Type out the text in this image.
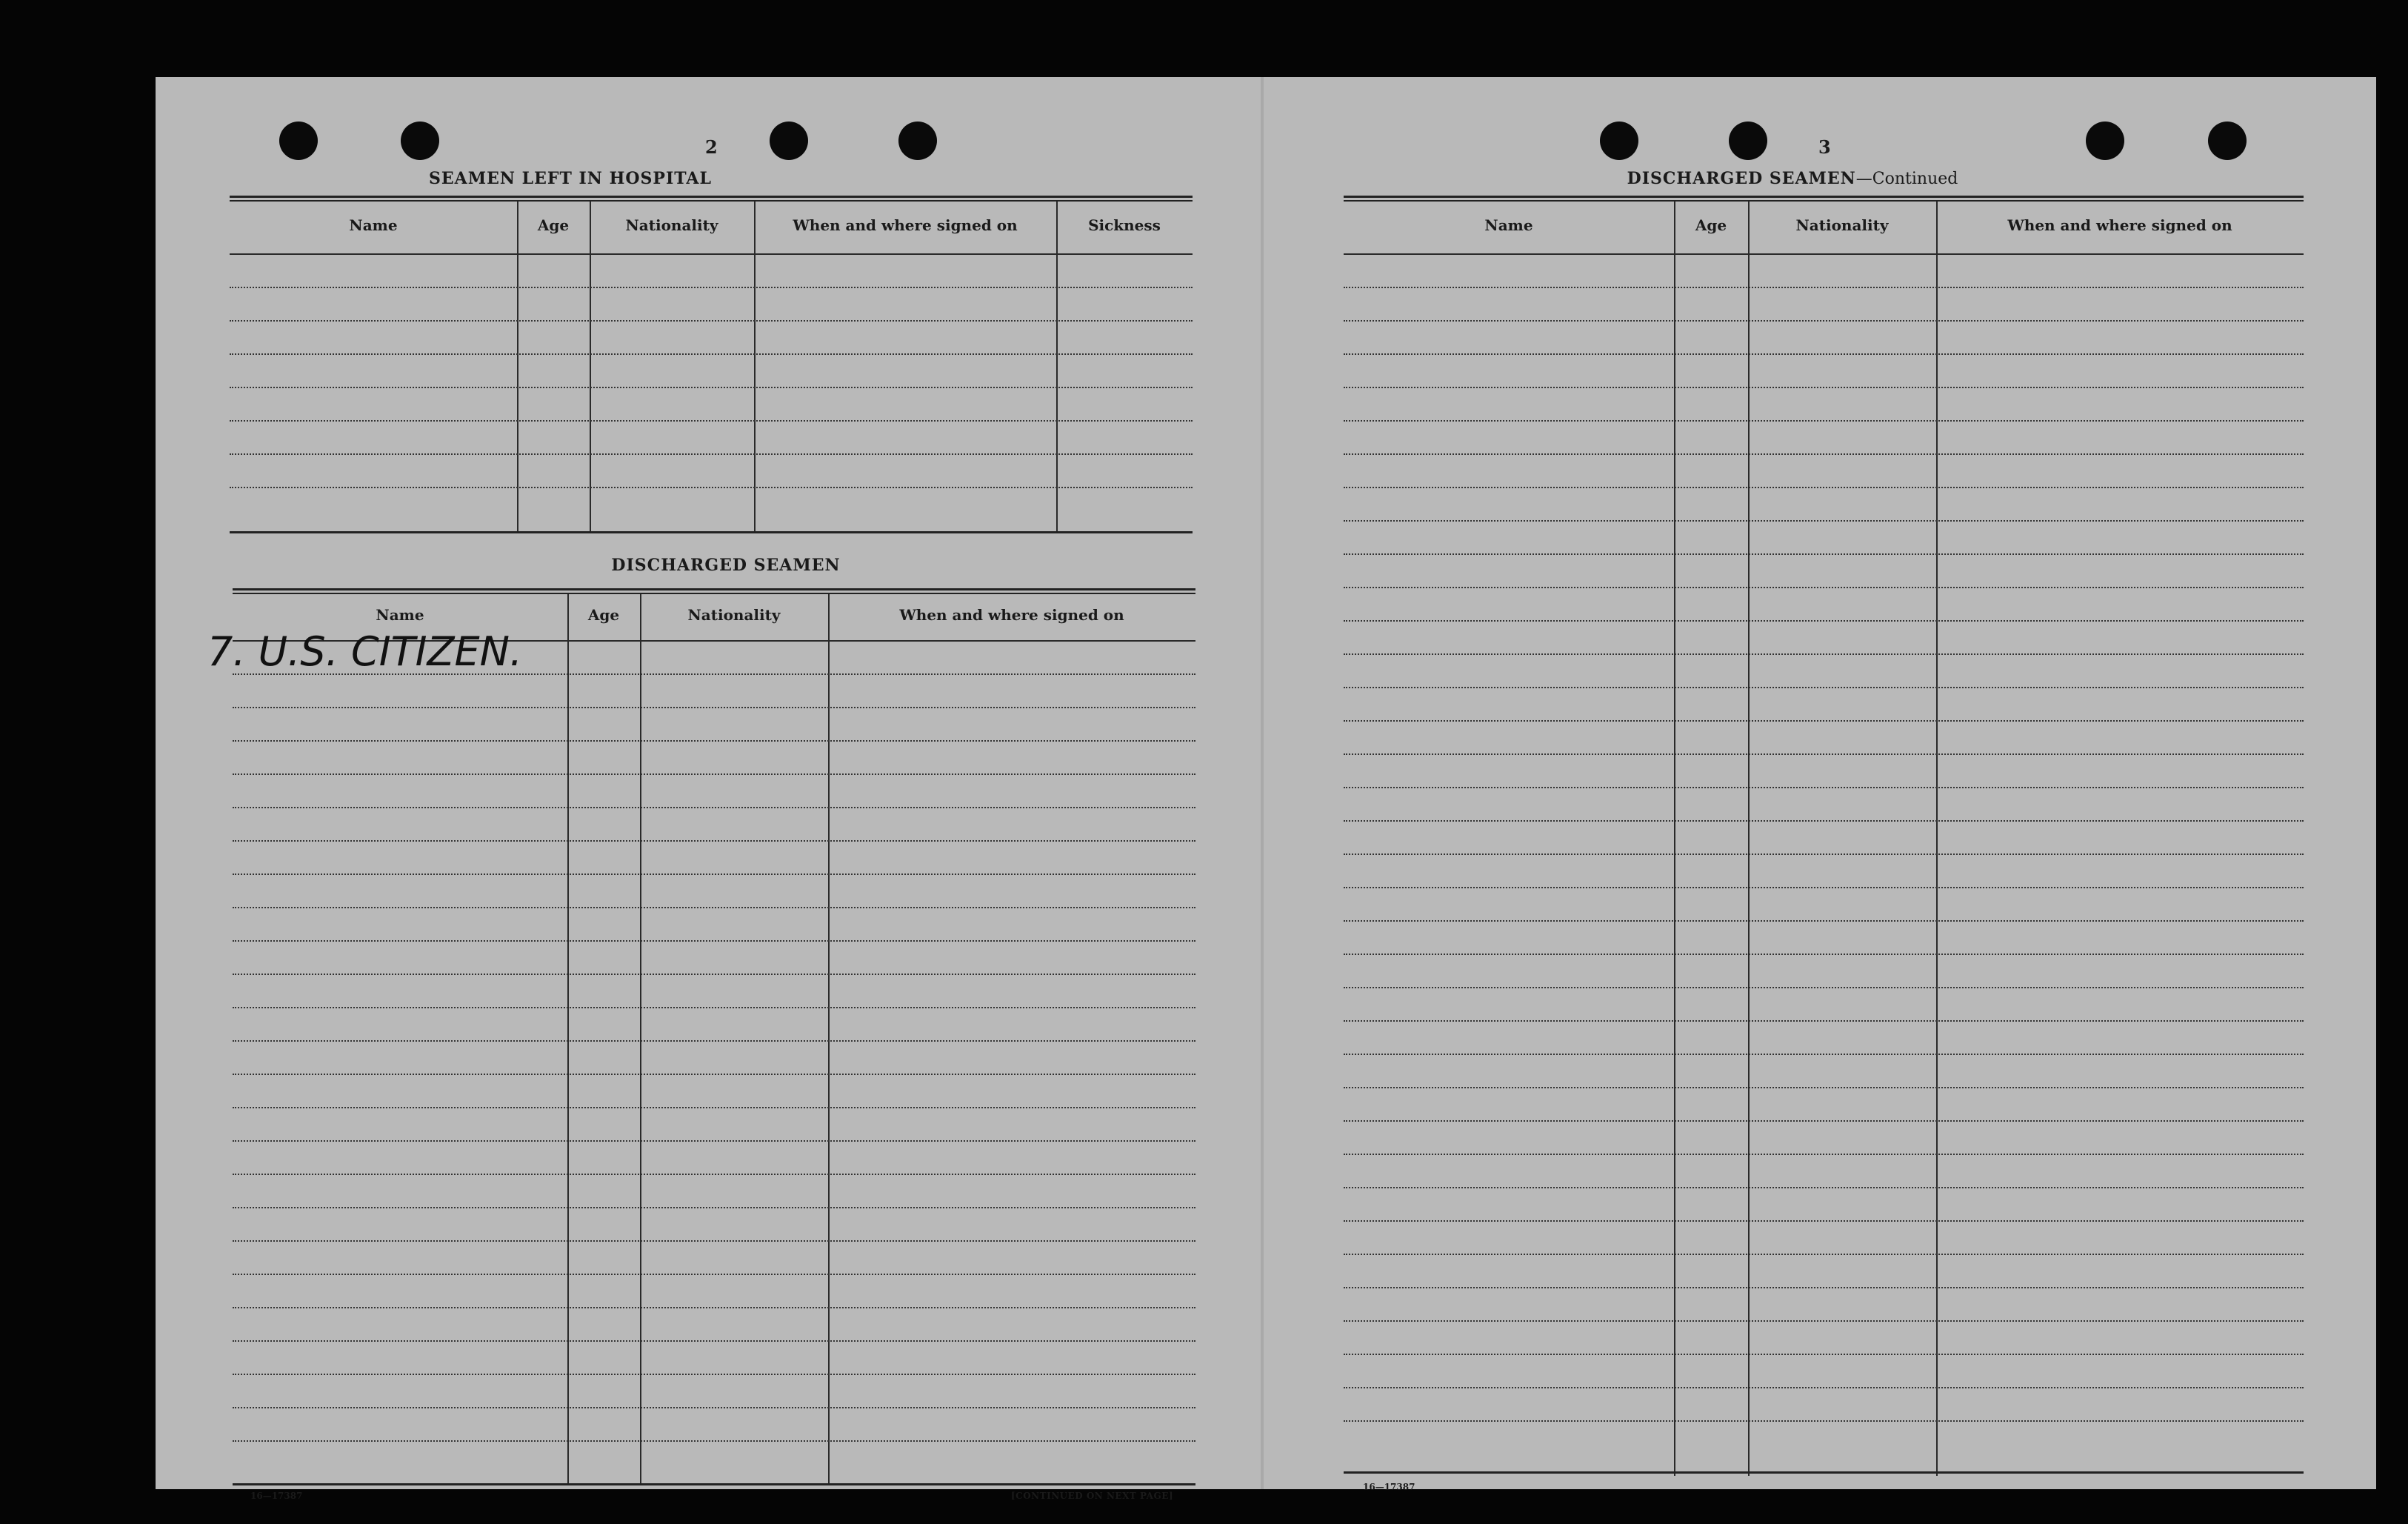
2
SEAMEN LEFT IN HOSPITAL
Name	Age	Nationality	When and where signed on	Sickness
DISCHARGED SEAMEN
Name	Age	Nationality	When and where signed on
7. U.S. CITIZEN.
16—17387	[CONTINUED ON NEXT PAGE]
3
DISCHARGED SEAMEN—Continued
Name	Age	Nationality	When and where signed on
16—17387
